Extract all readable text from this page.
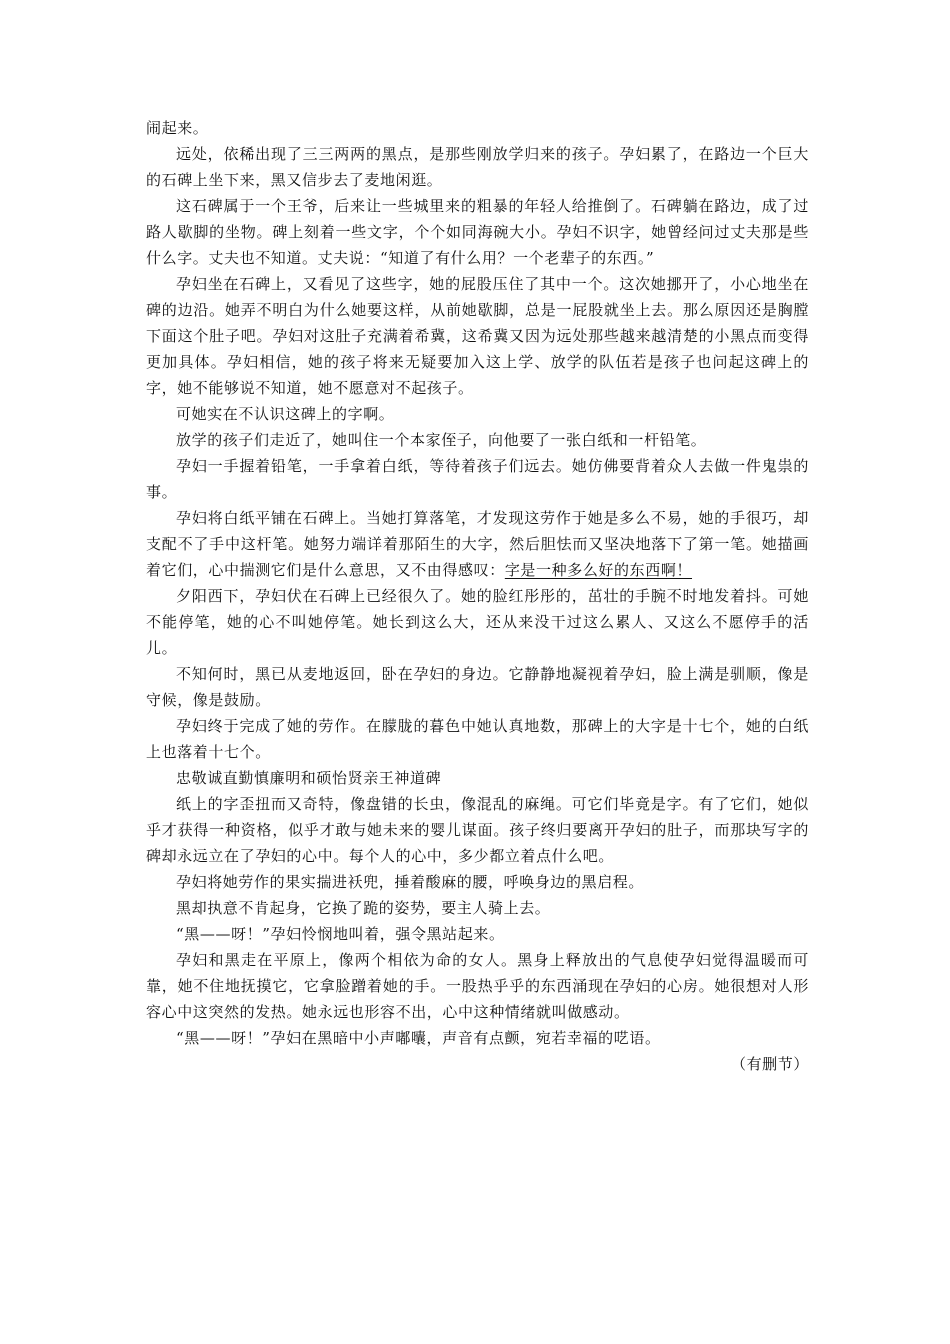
闹起来。

远处，依稀出现了三三两两的黑点，是那些刚放学归来的孩子。孕妇累了，在路边一个巨大的石碑上坐下来，黑又信步去了麦地闲逛。

这石碑属于一个王爷，后来让一些城里来的粗暴的年轻人给推倒了。石碑躺在路边，成了过路人歇脚的坐物。碑上刻着一些文字，个个如同海碗大小。孕妇不识字，她曾经问过丈夫那是些什么字。丈夫也不知道。丈夫说：“知道了有什么用？一个老辈子的东西。”

孕妇坐在石碑上，又看见了这些字，她的屁股压住了其中一个。这次她挪开了，小心地坐在碑的边沿。她弄不明白为什么她要这样，从前她歇脚，总是一屁股就坐上去。那么原因还是胸膛下面这个肚子吧。孕妇对这肚子充满着希冀，这希冀又因为远处那些越来越清楚的小黑点而变得更加具体。孕妇相信，她的孩子将来无疑要加入这上学、放学的队伍若是孩子也问起这碑上的字，她不能够说不知道，她不愿意对不起孩子。

可她实在不认识这碑上的字啊。

放学的孩子们走近了，她叫住一个本家侄子，向他要了一张白纸和一杆铅笔。

孕妇一手握着铅笔，一手拿着白纸，等待着孩子们远去。她仿佛要背着众人去做一件鬼祟的事。

孕妇将白纸平铺在石碑上。当她打算落笔，才发现这劳作于她是多么不易，她的手很巧，却支配不了手中这杆笔。她努力端详着那陌生的大字，然后胆怯而又坚决地落下了第一笔。她描画着它们，心中揣测它们是什么意思，又不由得感叹：字是一种多么好的东西啊！

夕阳西下，孕妇伏在石碑上已经很久了。她的脸红彤彤的，茁壮的手腕不时地发着抖。可她不能停笔，她的心不叫她停笔。她长到这么大，还从来没干过这么累人、又这么不愿停手的活儿。

不知何时，黑已从麦地返回，卧在孕妇的身边。它静静地凝视着孕妇，脸上满是驯顺，像是守候，像是鼓励。

孕妇终于完成了她的劳作。在朦胧的暮色中她认真地数，那碑上的大字是十七个，她的白纸上也落着十七个。

忠敬诚直勤慎廉明和硕怡贤亲王神道碑

纸上的字歪扭而又奇特，像盘错的长虫，像混乱的麻绳。可它们毕竟是字。有了它们，她似乎才获得一种资格，似乎才敢与她未来的婴儿谋面。孩子终归要离开孕妇的肚子，而那块写字的碑却永远立在了孕妇的心中。每个人的心中，多少都立着点什么吧。

孕妇将她劳作的果实揣进袄兜，捶着酸麻的腰，呼唤身边的黑启程。

黑却执意不肯起身，它换了跪的姿势，要主人骑上去。

“黑——呀！”孕妇怜悯地叫着，强令黑站起来。

孕妇和黑走在平原上，像两个相依为命的女人。黑身上释放出的气息使孕妇觉得温暖而可靠，她不住地抚摸它，它拿脸蹭着她的手。一股热乎乎的东西涌现在孕妇的心房。她很想对人形容心中这突然的发热。她永远也形容不出，心中这种情绪就叫做感动。

“黑——呀！”孕妇在黑暗中小声嘟囔，声音有点颤，宛若幸福的呓语。

（有删节）
